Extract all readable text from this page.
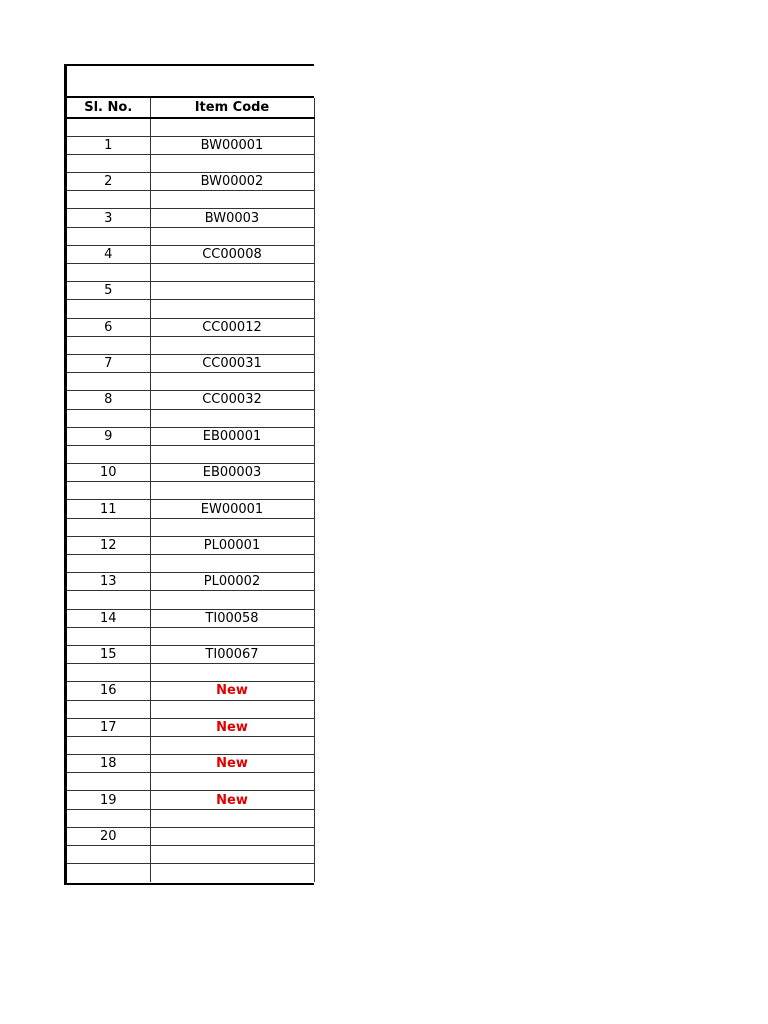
Sl. No.	Item Code

1	BW00001

2	BW00002

3	BW0003

4	CC00008

5	

6	CC00012

7	CC00031

8	CC00032

9	EB00001

10	EB00003

11	EW00001

12	PL00001

13	PL00002

14	TI00058

15	TI00067

16	New

17	New

18	New

19	New

20	
